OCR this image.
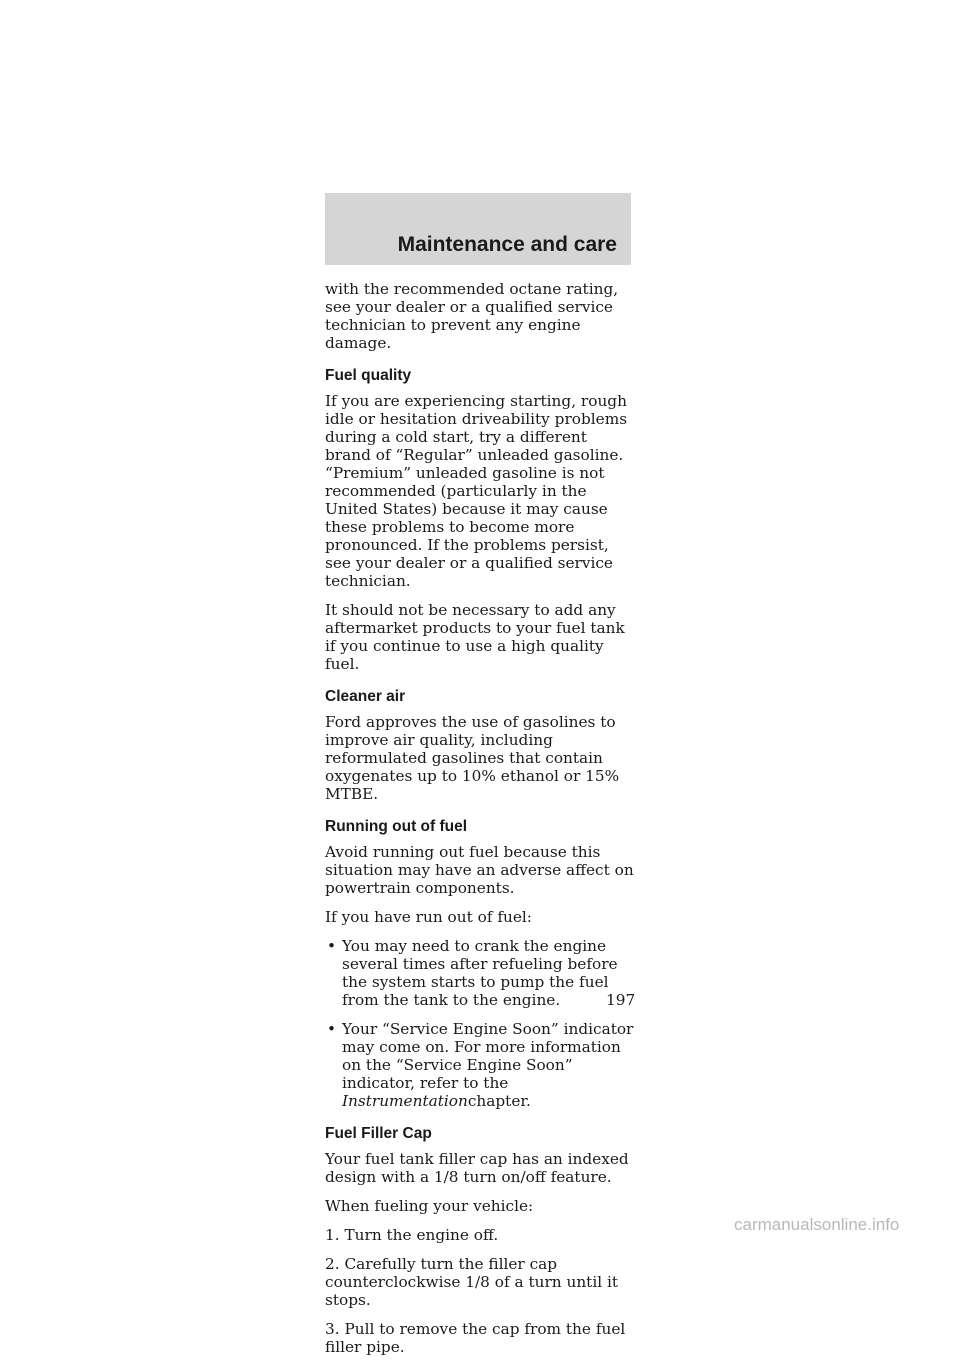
Maintenance and care

with the recommended octane rating, see your dealer or a qualified service technician to prevent any engine damage.

Fuel quality

If you are experiencing starting, rough idle or hesitation driveability problems during a cold start, try a different brand of “Regular” unleaded gasoline. “Premium” unleaded gasoline is not recommended (particularly in the United States) because it may cause these problems to become more pronounced. If the problems persist, see your dealer or a qualified service technician.

It should not be necessary to add any aftermarket products to your fuel tank if you continue to use a high quality fuel.

Cleaner air

Ford approves the use of gasolines to improve air quality, including reformulated gasolines that contain oxygenates up to 10% ethanol or 15% MTBE.

Running out of fuel

Avoid running out fuel because this situation may have an adverse affect on powertrain components.

If you have run out of fuel:

• You may need to crank the engine several times after refueling before the system starts to pump the fuel from the tank to the engine.
• Your “Service Engine Soon” indicator may come on. For more information on the “Service Engine Soon” indicator, refer to the Instrumentationchapter.
Fuel Filler Cap

Your fuel tank filler cap has an indexed design with a 1/8 turn on/off feature.

When fueling your vehicle:

1. Turn the engine off.

2. Carefully turn the filler cap counterclockwise 1/8 of a turn until it stops.

3. Pull to remove the cap from the fuel filler pipe.

197
carmanualsonline.info
